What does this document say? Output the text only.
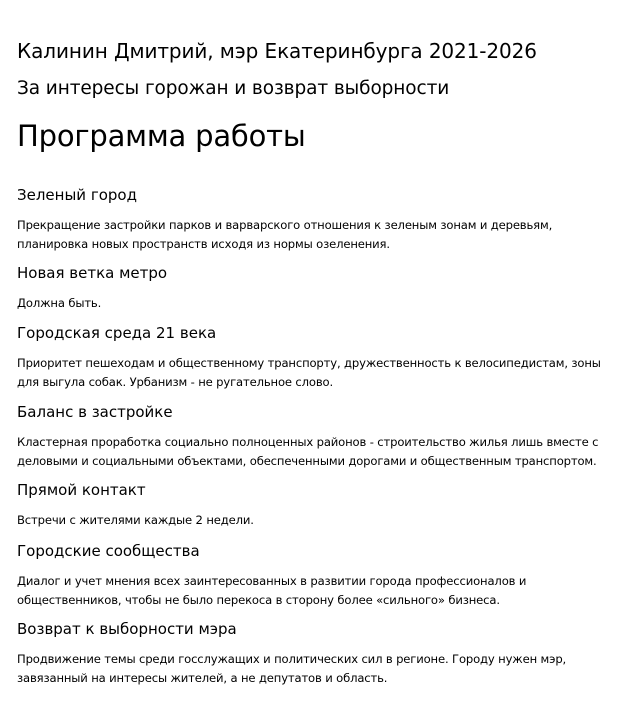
Калинин Дмитрий, мэр Екатеринбурга 2021-2026
За интересы горожан и возврат выборности
Программа работы
Зеленый город

Прекращение застройки парков и варварского отношения к зеленым зонам и деревьям, планировка новых пространств исходя из нормы озеленения.

Новая ветка метро

Должна быть.

Городская среда 21 века

Приоритет пешеходам и общественному транспорту, дружественность к велосипедистам, зоны для выгула собак. Урбанизм - не ругательное слово.

Баланс в застройке

Кластерная проработка социально полноценных районов - строительство жилья лишь вместе с деловыми и социальными объектами, обеспеченными дорогами и общественным транспортом.

Прямой контакт

Встречи с жителями каждые 2 недели.

Городские сообщества

Диалог и учет мнения всех заинтересованных в развитии города профессионалов и общественников, чтобы не было перекоса в сторону более «сильного» бизнеса.

Возврат к выборности мэра

Продвижение темы среди госслужащих и политических сил в регионе. Городу нужен мэр, завязанный на интересы жителей, а не депутатов и область.
